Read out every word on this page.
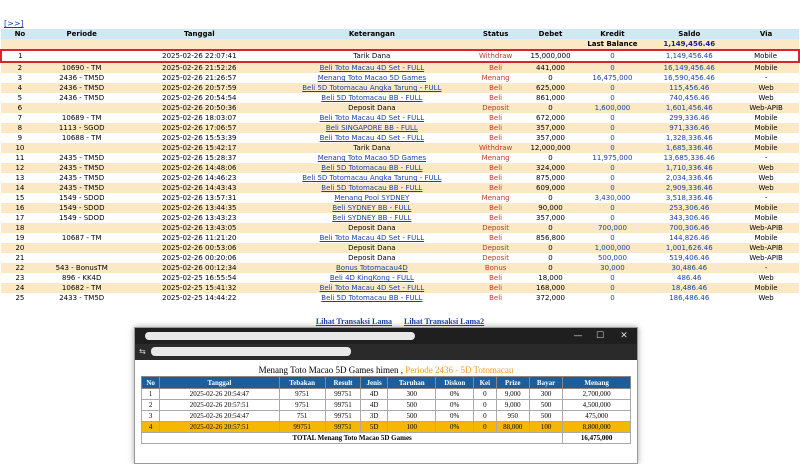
[>>]
No	Periode	Tanggal	Keterangan	Status	Debet	Kredit	Saldo	Via
						Last Balance	1,149,456.46	
1		2025-02-26 22:07:41	Tarik Dana	Withdraw	15,000,000	0	1,149,456.46	Mobile
2	10690 - TM	2025-02-26 21:52:26	Beli Toto Macau 4D Set - FULL	Beli	441,000	0	16,149,456.46	Mobile
3	2436 - TM5D	2025-02-26 21:26:57	Menang Toto Macao 5D Games	Menang	0	16,475,000	16,590,456.46	-
4	2436 - TM5D	2025-02-26 20:57:59	Beli 5D Totomacau Angka Tarung - FULL	Beli	625,000	0	115,456.46	Web
5	2436 - TM5D	2025-02-26 20:54:54	Beli 5D Totomacau BB - FULL	Beli	861,000	0	740,456.46	Web
6		2025-02-26 20:50:36	Deposit Dana	Deposit	0	1,600,000	1,601,456.46	Web-APIB
7	10689 - TM	2025-02-26 18:03:07	Beli Toto Macau 4D Set - FULL	Beli	672,000	0	299,336.46	Mobile
8	1113 - SGOD	2025-02-26 17:06:57	Beli SINGAPORE BB - FULL	Beli	357,000	0	971,336.46	Mobile
9	10688 - TM	2025-02-26 15:53:39	Beli Toto Macau 4D Set - FULL	Beli	357,000	0	1,328,336.46	Mobile
10		2025-02-26 15:42:17	Tarik Dana	Withdraw	12,000,000	0	1,685,336.46	Mobile
11	2435 - TM5D	2025-02-26 15:28:37	Menang Toto Macao 5D Games	Menang	0	11,975,000	13,685,336.46	-
12	2435 - TM5D	2025-02-26 14:48:06	Beli 5D Totomacau BB - FULL	Beli	324,000	0	1,710,336.46	Web
13	2435 - TM5D	2025-02-26 14:46:23	Beli 5D Totomacau Angka Tarung - FULL	Beli	875,000	0	2,034,336.46	Web
14	2435 - TM5D	2025-02-26 14:43:43	Beli 5D Totomacau BB - FULL	Beli	609,000	0	2,909,336.46	Web
15	1549 - SDOD	2025-02-26 13:57:31	Menang Pool SYDNEY	Menang	0	3,430,000	3,518,336.46	-
16	1549 - SDOD	2025-02-26 13:44:35	Beli SYDNEY BB - FULL	Beli	90,000	0	253,306.46	Mobile
17	1549 - SDOD	2025-02-26 13:43:23	Beli SYDNEY BB - FULL	Beli	357,000	0	343,306.46	Mobile
18		2025-02-26 13:43:05	Deposit Dana	Deposit	0	700,000	700,306.46	Web-APIB
19	10687 - TM	2025-02-26 11:21:20	Beli Toto Macau 4D Set - FULL	Beli	856,800	0	144,826.46	Mobile
20		2025-02-26 00:53:06	Deposit Dana	Deposit	0	1,000,000	1,001,626.46	Web-APIB
21		2025-02-26 00:20:06	Deposit Dana	Deposit	0	500,000	519,406.46	Web-APIB
22	543 - BonusTM	2025-02-26 00:12:34	Bonus Totomacau4D	Bonus	0	30,000	30,486.46	-
23	896 - KK4D	2025-02-25 16:55:54	Beli 4D KingKong - FULL	Beli	18,000	0	486.46	Web
24	10682 - TM	2025-02-25 15:41:32	Beli Toto Macau 4D Set - FULL	Beli	168,000	0	18,486.46	Mobile
25	2433 - TM5D	2025-02-25 14:44:22	Beli 5D Totomacau BB - FULL	Beli	372,000	0	186,486.46	Web
Lihat Transaksi Lama Lihat Transaksi Lama2
—	☐	✕
⇆
Menang Toto Macao 5D Games himen , Periode 2436 - 5D Totomacau
No	Tanggal	Tebakan	Result	Jenis	Taruhan	Diskon	Kei	Prize	Bayar	Menang
1	2025-02-26 20:54:47	9751	99751	4D	300	0%	0	9,000	300	2,700,000
2	2025-02-26 20:57:51	9751	99751	4D	500	0%	0	9,000	500	4,500,000
3	2025-02-26 20:54:47	751	99751	3D	500	0%	0	950	500	475,000
4	2025-02-26 20:57:51	99751	99751	5D	100	0%	0	88,000	100	8,800,000
TOTAL Menang Toto Macao 5D Games										16,475,000
